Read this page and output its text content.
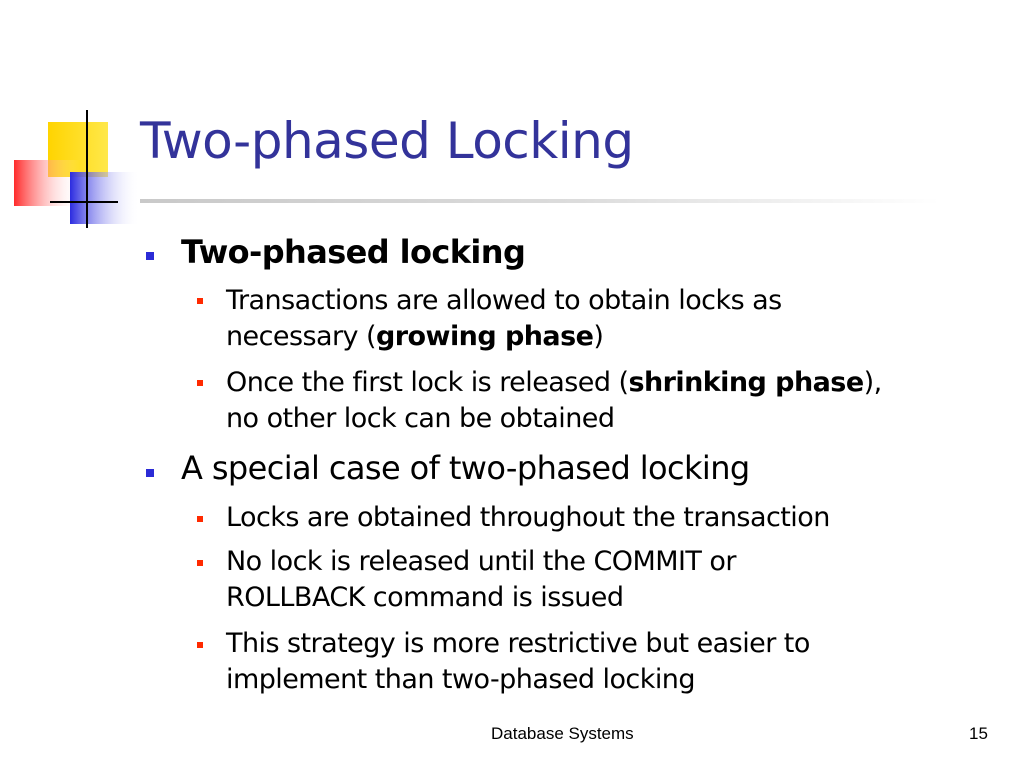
Two-phased Locking
Two-phased locking
Transactions are allowed to obtain locks as
necessary (growing phase)
Once the first lock is released (shrinking phase),
no other lock can be obtained
A special case of two-phased locking
Locks are obtained throughout the transaction
No lock is released until the COMMIT or
ROLLBACK command is issued
This strategy is more restrictive but easier to
implement than two-phased locking
Database Systems	15
